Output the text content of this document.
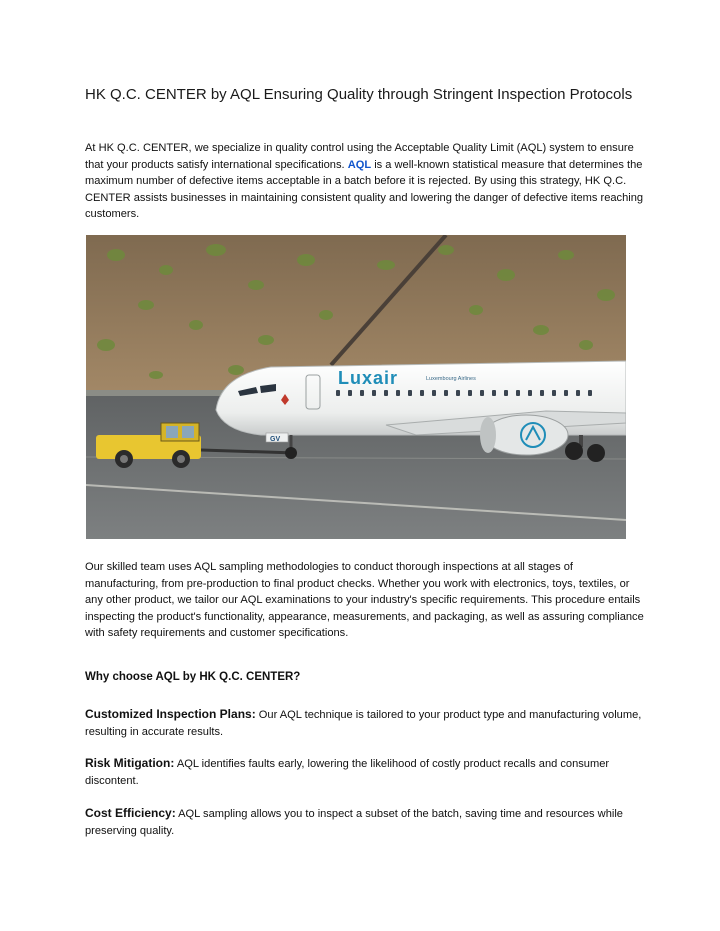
HK Q.C. CENTER by AQL Ensuring Quality through Stringent Inspection Protocols

At HK Q.C. CENTER, we specialize in quality control using the Acceptable Quality Limit (AQL) system to ensure that your products satisfy international specifications. AQL is a well-known statistical measure that determines the maximum number of defective items acceptable in a batch before it is rejected. By using this strategy, HK Q.C. CENTER assists businesses in maintaining consistent quality and lowering the danger of defective items reaching customers.

Luxair	Luxembourg Airlines
GV

Our skilled team uses AQL sampling methodologies to conduct thorough inspections at all stages of manufacturing, from pre-production to final product checks. Whether you work with electronics, toys, textiles, or any other product, we tailor our AQL examinations to your industry's specific requirements. This procedure entails inspecting the product's functionality, appearance, measurements, and packaging, as well as assuring compliance with safety requirements and customer specifications.

Why choose AQL by HK Q.C. CENTER?

Customized Inspection Plans: Our AQL technique is tailored to your product type and manufacturing volume, resulting in accurate results.

Risk Mitigation: AQL identifies faults early, lowering the likelihood of costly product recalls and consumer discontent.

Cost Efficiency: AQL sampling allows you to inspect a subset of the batch, saving time and resources while preserving quality.
